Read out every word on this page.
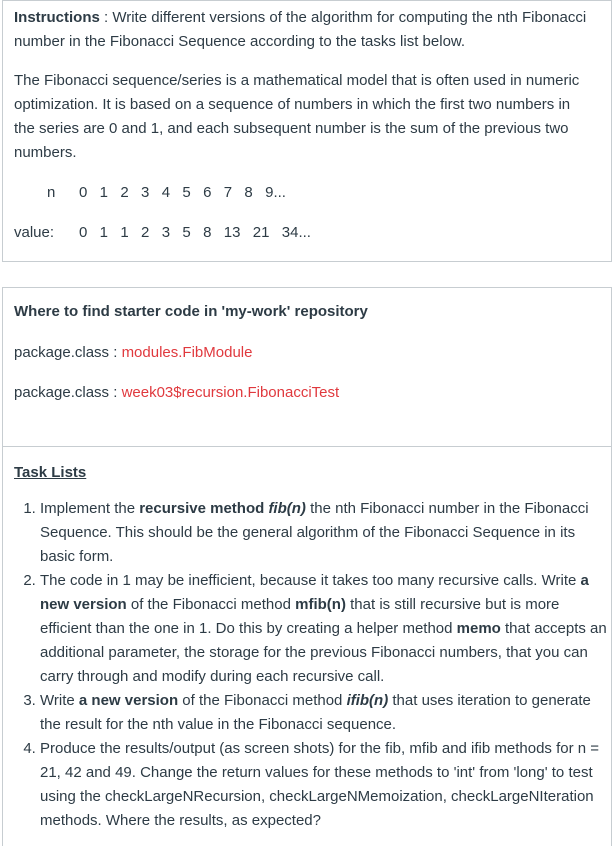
Instructions : Write different versions of the algorithm for computing the nth Fibonacci number in the Fibonacci Sequence according to the tasks list below.

The Fibonacci sequence/series is a mathematical model that is often used in numeric optimization. It is based on a sequence of numbers in which the first two numbers in the series are 0 and 1, and each subsequent number is the sum of the previous two numbers.

n 0  1  2  3  4  5  6  7  8  9...
value: 0  1  1  2  3  5  8  13  21  34...
Where to find starter code in 'my-work' repository
package.class : modules.FibModule
package.class : week03$recursion.FibonacciTest
Task Lists
1. Implement the recursive method fib(n) the nth Fibonacci number in the Fibonacci Sequence. This should be the general algorithm of the Fibonacci Sequence in its basic form.
2. The code in 1 may be inefficient, because it takes too many recursive calls. Write a new version of the Fibonacci method mfib(n) that is still recursive but is more efficient than the one in 1. Do this by creating a helper method memo that accepts an additional parameter, the storage for the previous Fibonacci numbers, that you can carry through and modify during each recursive call.
3. Write a new version of the Fibonacci method ifib(n) that uses iteration to generate the result for the nth value in the Fibonacci sequence.
4. Produce the results/output (as screen shots) for the fib, mfib and ifib methods for n = 21, 42 and 49. Change the return values for these methods to 'int' from 'long' to test using the checkLargeNRecursion, checkLargeNMemoization, checkLargeNIteration methods. Where the results, as expected?
